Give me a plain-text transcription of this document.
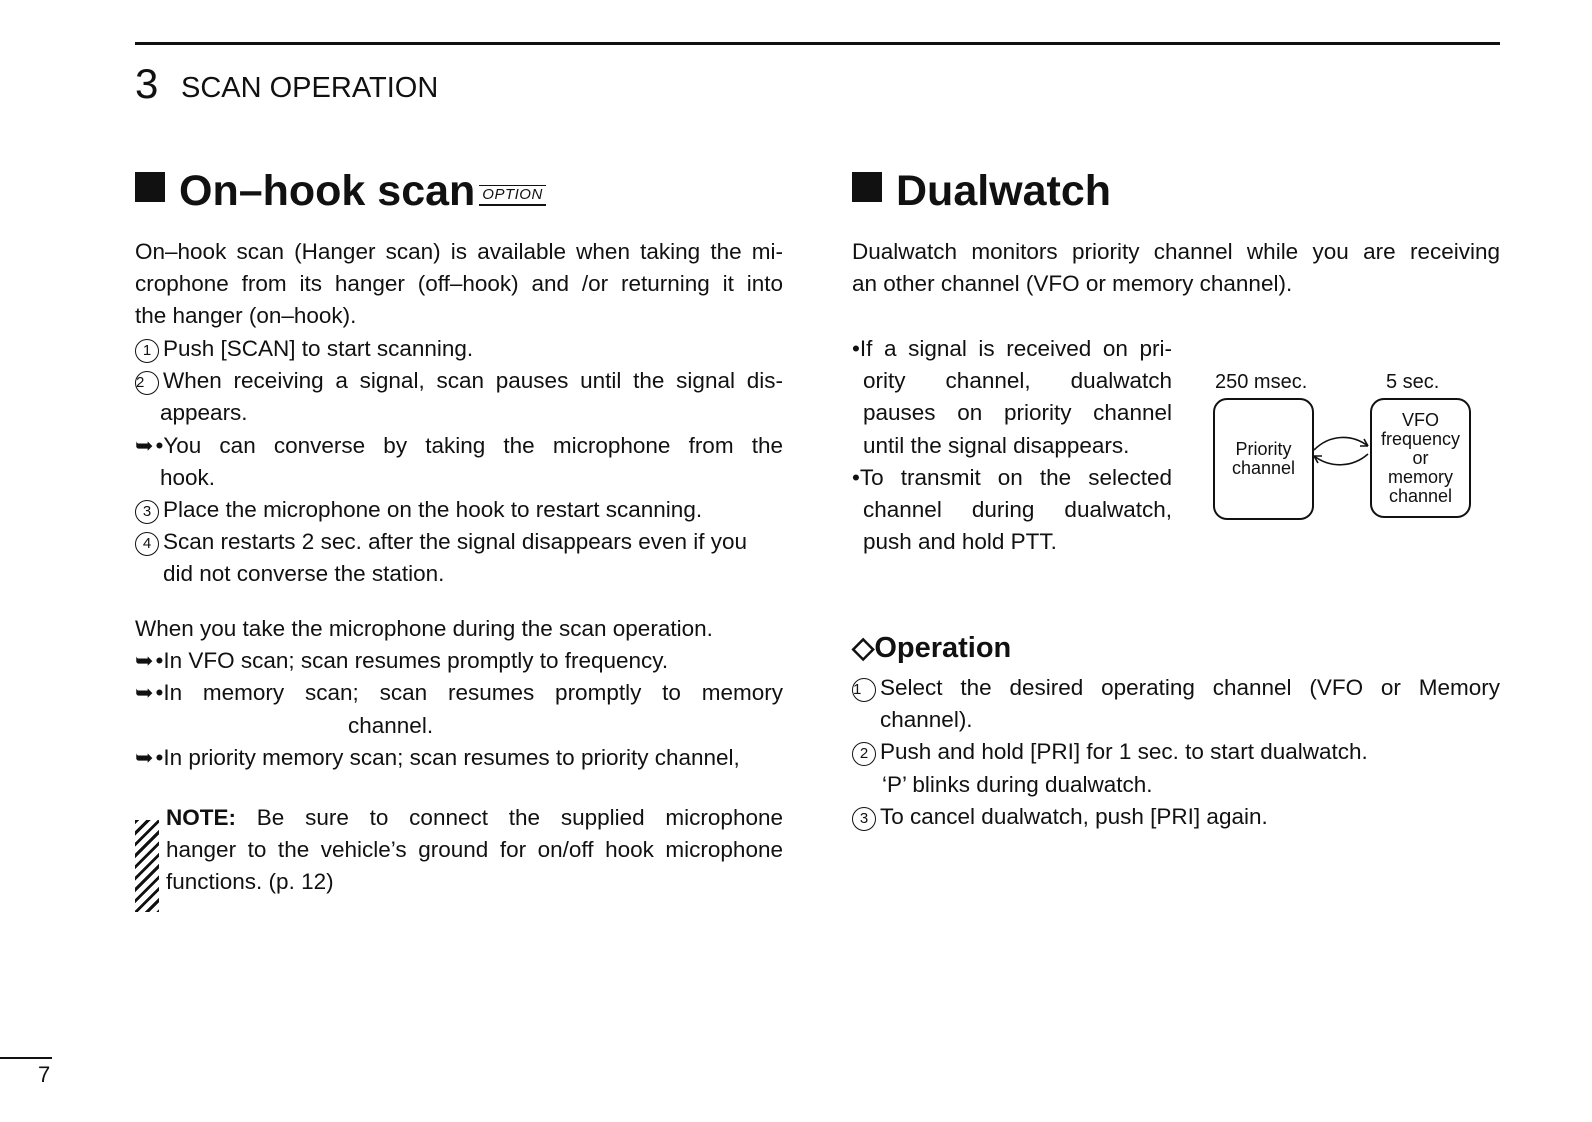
3 SCAN OPERATION
On–hook scan OPTION
On–hook scan (Hanger scan) is available when taking the mi-
crophone from its hanger (off–hook) and /or returning it into
the hanger (on–hook).
1 Push [SCAN] to start scanning.
2 When receiving a signal, scan pauses until the signal dis-
appears.
➥•You can converse by taking the microphone from the
hook.
3 Place the microphone on the hook to restart scanning.
4 Scan restarts 2 sec. after the signal disappears even if you
did not converse the station.
When you take the microphone during the scan operation.
➥•In VFO scan; scan resumes promptly to frequency.
➥•In memory scan; scan resumes promptly to memory
channel.
➥•In priority memory scan; scan resumes to priority channel,
NOTE: Be sure to connect the supplied microphone
hanger to the vehicle’s ground for on/off hook microphone
functions. (p. 12)
Dualwatch
Dualwatch monitors priority channel while you are receiving
an other channel (VFO or memory channel).
•If a signal is received on pri-
ority channel, dualwatch
pauses on priority channel
until the signal disappears.
•To transmit on the selected
channel during dualwatch,
push and hold PTT.
250 msec.	5 sec.
Priority
channel
VFO
frequency
or
memory
channel
◇Operation
1 Select the desired operating channel (VFO or Memory
channel).
2 Push and hold [PRI] for 1 sec. to start dualwatch.
‘P’ blinks during dualwatch.
3 To cancel dualwatch, push [PRI] again.
7
